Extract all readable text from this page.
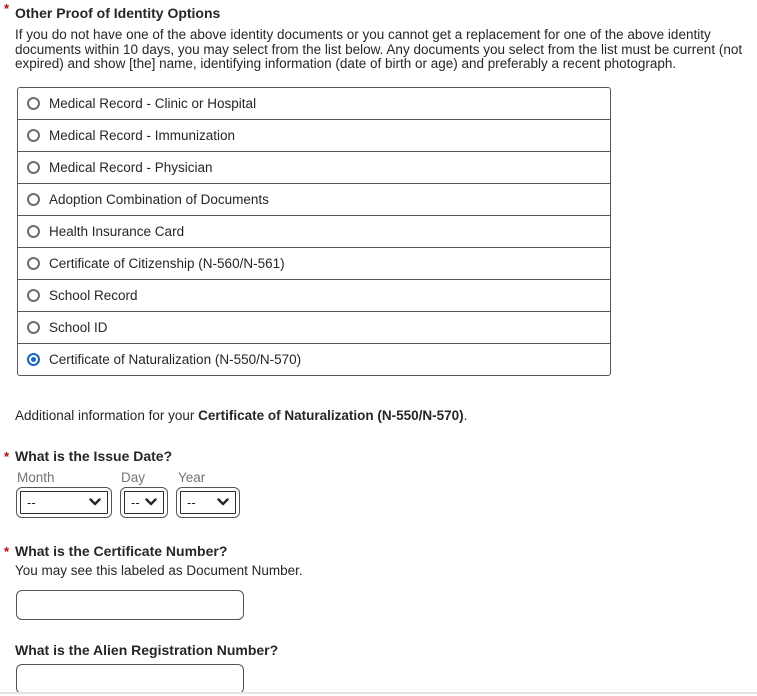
* Other Proof of Identity Options
If you do not have one of the above identity documents or you cannot get a replacement for one of the above identity documents within 10 days, you may select from the list below. Any documents you select from the list must be current (not expired) and show [the] name, identifying information (date of birth or age) and preferably a recent photograph.
Medical Record - Clinic or Hospital
Medical Record - Immunization
Medical Record - Physician
Adoption Combination of Documents
Health Insurance Card
Certificate of Citizenship (N-560/N-561)
School Record
School ID
Certificate of Naturalization (N-550/N-570)
Additional information for your Certificate of Naturalization (N-550/N-570).
* What is the Issue Date?
Month	Day Year
--	--	--
* What is the Certificate Number?
You may see this labeled as Document Number.
What is the Alien Registration Number?
